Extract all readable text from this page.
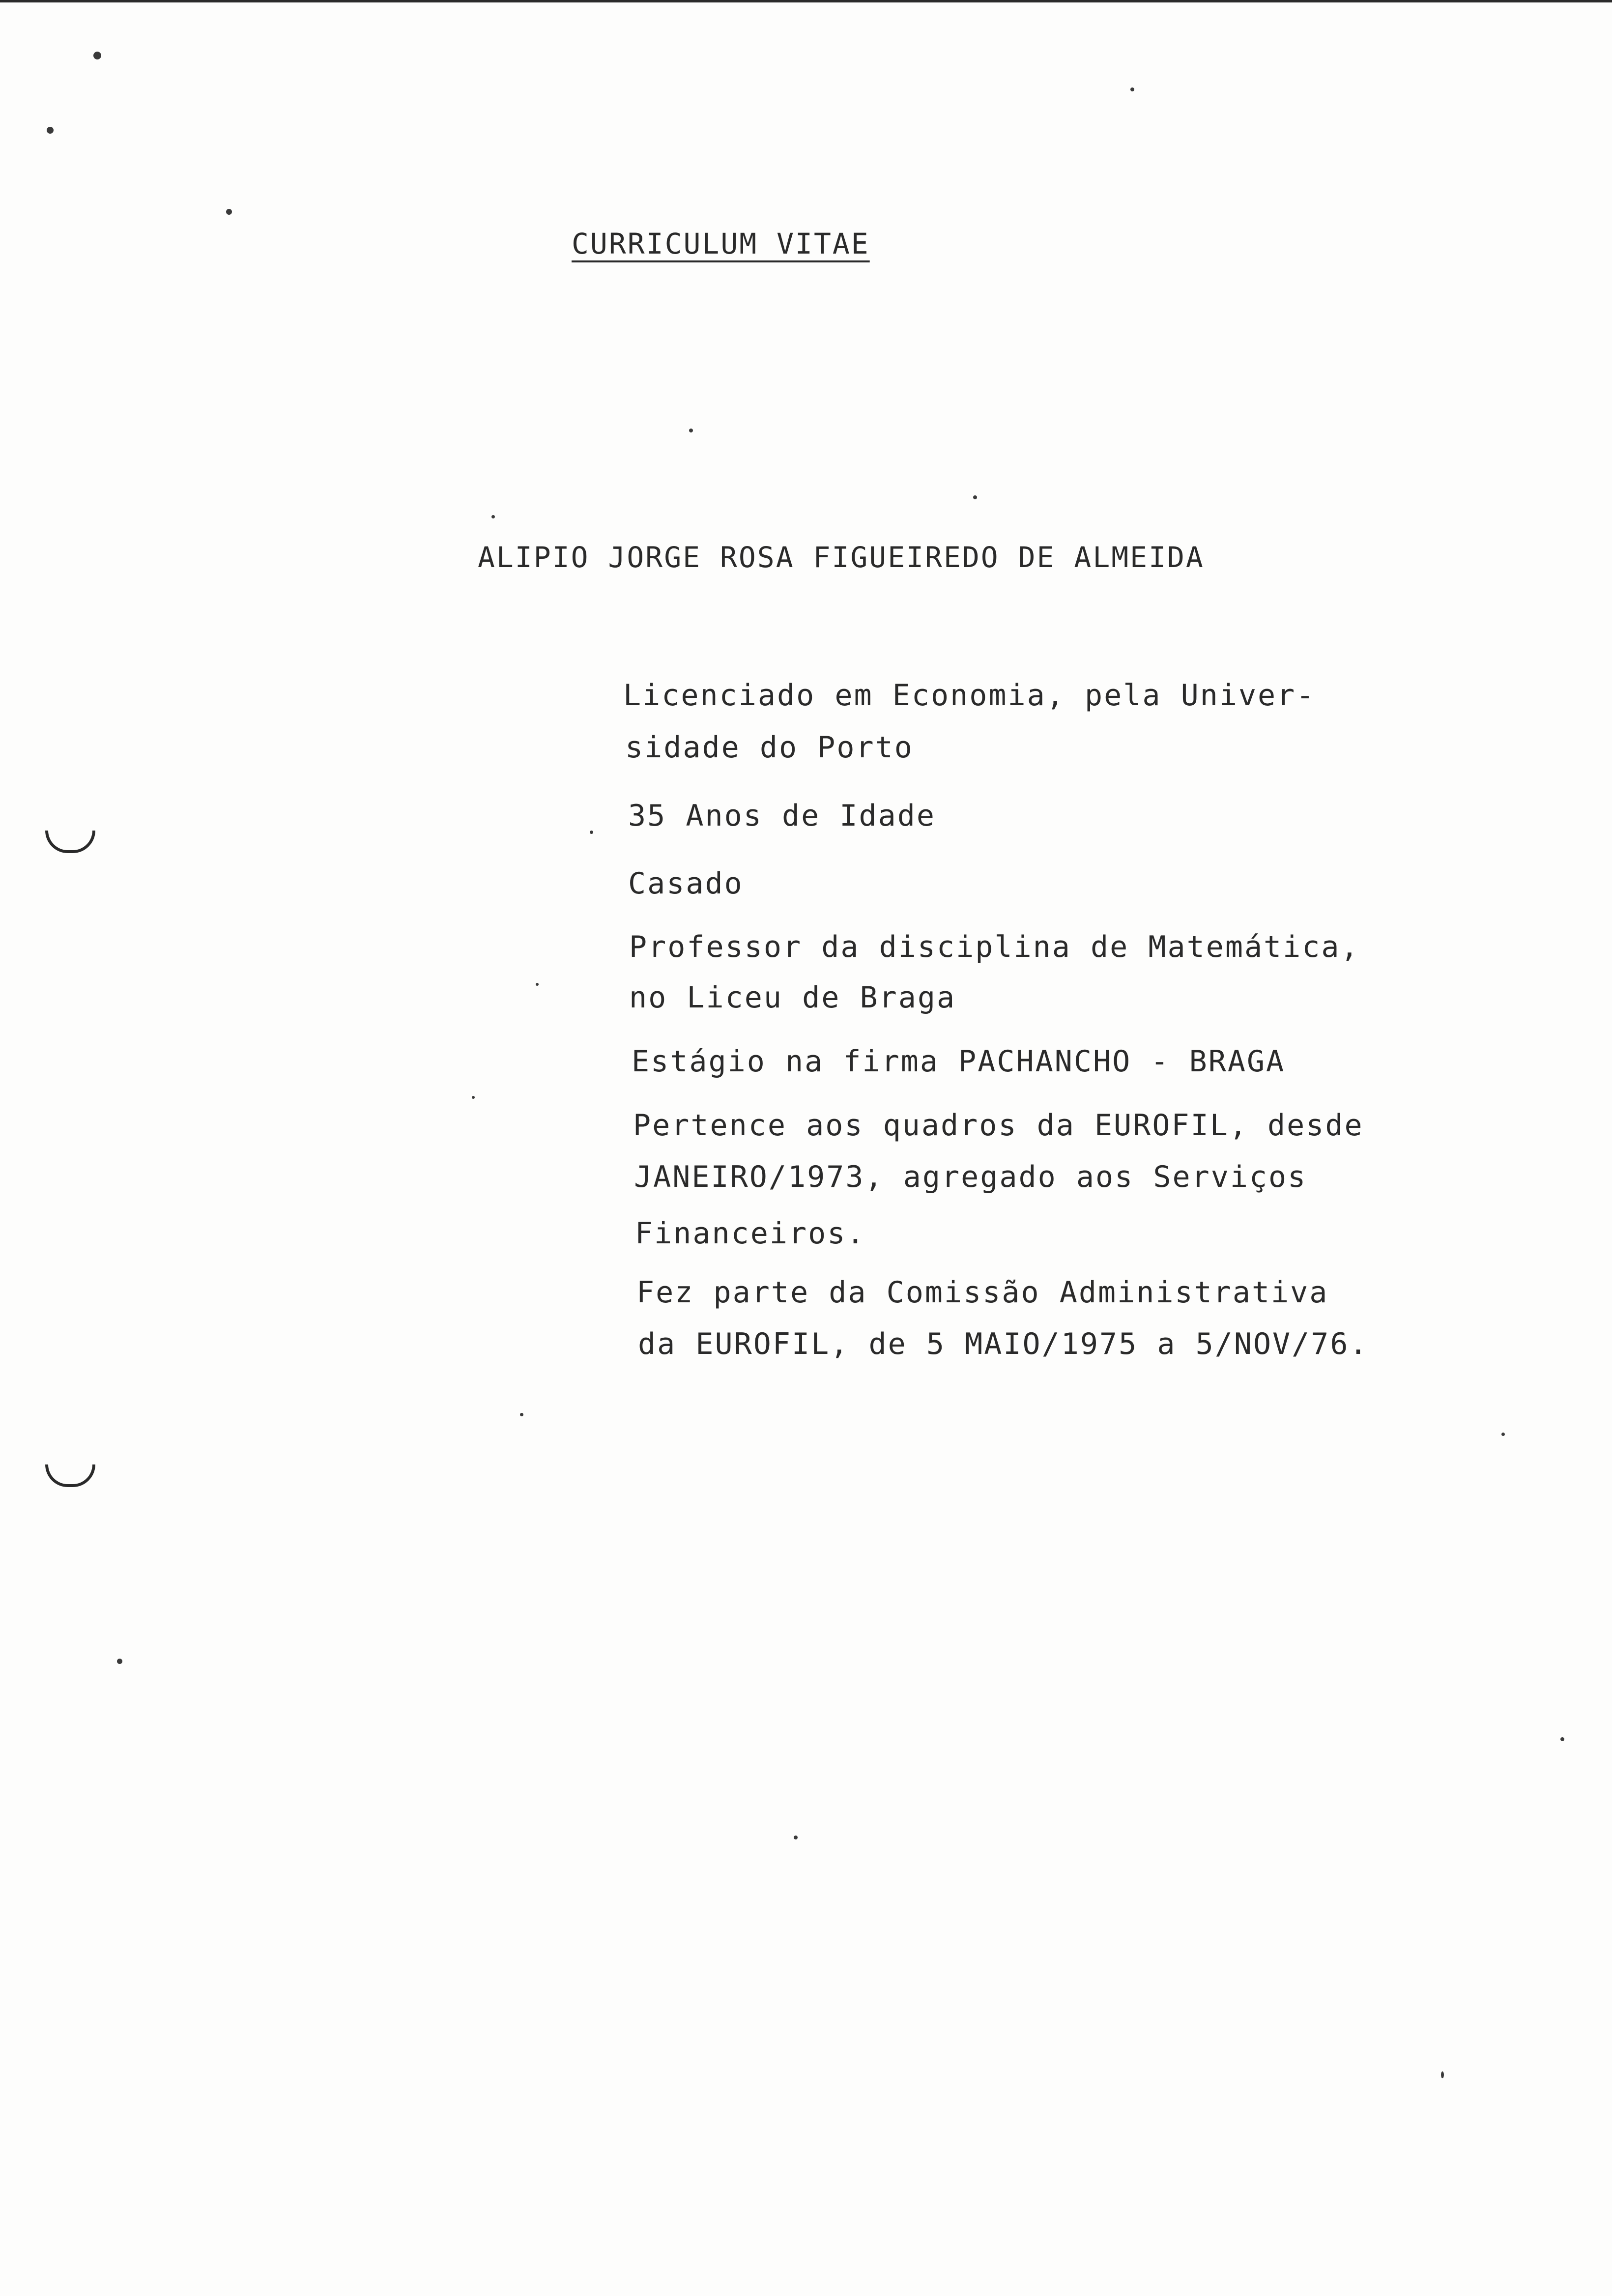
CURRICULUM VITAE
ALIPIO JORGE ROSA FIGUEIREDO DE ALMEIDA
Licenciado em Economia, pela Univer-
sidade do Porto
35 Anos de Idade
Casado
Professor da disciplina de Matemática,
no Liceu de Braga
Estágio na firma PACHANCHO - BRAGA
Pertence aos quadros da EUROFIL, desde
JANEIRO/1973, agregado aos Serviços
Financeiros.
Fez parte da Comissão Administrativa
da EUROFIL, de 5 MAIO/1975 a 5/NOV/76.
